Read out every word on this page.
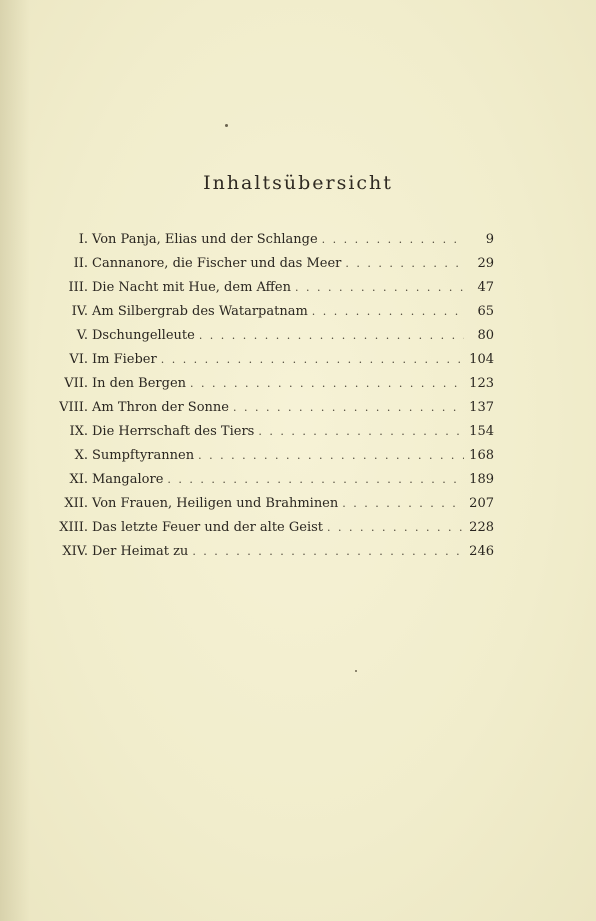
Inhaltsübersicht
I. Von Panja, Elias und der Schlange . . .	9
II. Cannanore, die Fischer und das Meer . . .	29
III. Die Nacht mit Hue, dem Affen . . .	47
IV. Am Silbergrab des Watarpatnam . . .	65
V. Dschungelleute . . .	80
VI. Im Fieber . . .	104
VII. In den Bergen . . .	123
VIII. Am Thron der Sonne . . .	137
IX. Die Herrschaft des Tiers . . .	154
X. Sumpftyrannen . . .	168
XI. Mangalore . . .	189
XII. Von Frauen, Heiligen und Brahminen . . .	207
XIII. Das letzte Feuer und der alte Geist . . .	228
XIV. Der Heimat zu . . .	246
